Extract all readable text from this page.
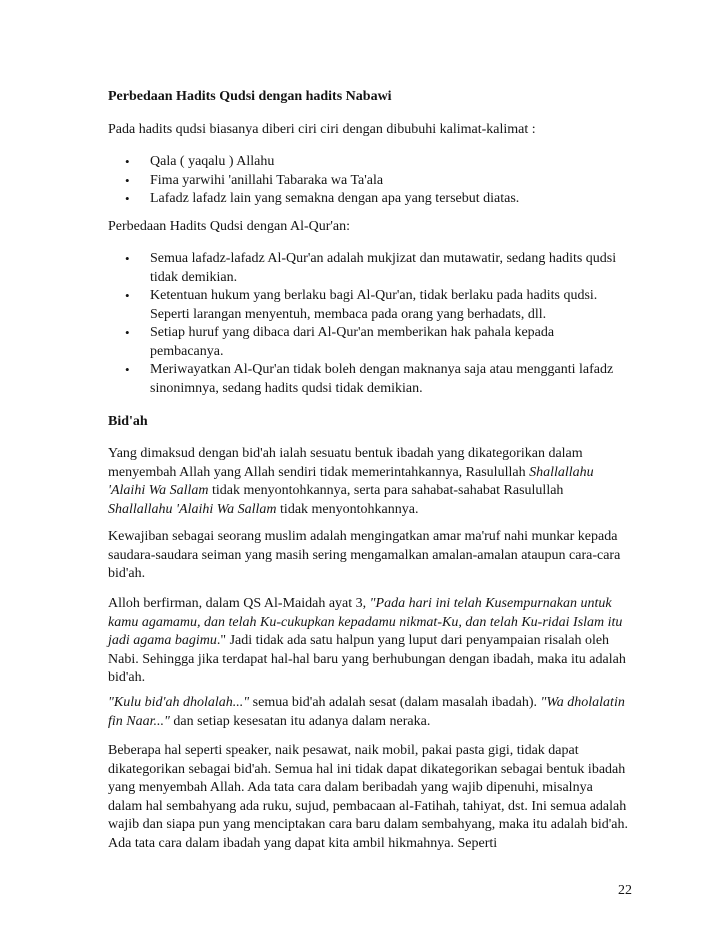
Perbedaan Hadits Qudsi dengan hadits Nabawi

Pada hadits qudsi biasanya diberi ciri ciri dengan dibubuhi kalimat-kalimat :

• Qala ( yaqalu ) Allahu
• Fima yarwihi 'anillahi Tabaraka wa Ta'ala
• Lafadz lafadz lain yang semakna dengan apa yang tersebut diatas.

Perbedaan Hadits Qudsi dengan Al-Qur'an:

• Semua lafadz-lafadz Al-Qur'an adalah mukjizat dan mutawatir, sedang hadits qudsi tidak demikian.
• Ketentuan hukum yang berlaku bagi Al-Qur'an, tidak berlaku pada hadits qudsi. Seperti larangan menyentuh, membaca pada orang yang berhadats, dll.
• Setiap huruf yang dibaca dari Al-Qur'an memberikan hak pahala kepada pembacanya.
• Meriwayatkan Al-Qur'an tidak boleh dengan maknanya saja atau mengganti lafadz sinonimnya, sedang hadits qudsi tidak demikian.

Bid'ah

Yang dimaksud dengan bid'ah ialah sesuatu bentuk ibadah yang dikategorikan dalam menyembah Allah yang Allah sendiri tidak memerintahkannya, Rasulullah Shallallahu 'Alaihi Wa Sallam tidak menyontohkannya, serta para sahabat-sahabat Rasulullah Shallallahu 'Alaihi Wa Sallam tidak menyontohkannya.

Kewajiban sebagai seorang muslim adalah mengingatkan amar ma'ruf nahi munkar kepada saudara-saudara seiman yang masih sering mengamalkan amalan-amalan ataupun cara-cara bid'ah.

Alloh berfirman, dalam QS Al-Maidah ayat 3, "Pada hari ini telah Kusempurnakan untuk kamu agamamu, dan telah Ku-cukupkan kepadamu nikmat-Ku, dan telah Ku-ridai Islam itu jadi agama bagimu." Jadi tidak ada satu halpun yang luput dari penyampaian risalah oleh Nabi. Sehingga jika terdapat hal-hal baru yang berhubungan dengan ibadah, maka itu adalah bid'ah.

"Kulu bid'ah dholalah..." semua bid'ah adalah sesat (dalam masalah ibadah). "Wa dholalatin fin Naar..." dan setiap kesesatan itu adanya dalam neraka.

Beberapa hal seperti speaker, naik pesawat, naik mobil, pakai pasta gigi, tidak dapat dikategorikan sebagai bid'ah. Semua hal ini tidak dapat dikategorikan sebagai bentuk ibadah yang menyembah Allah. Ada tata cara dalam beribadah yang wajib dipenuhi, misalnya dalam hal sembahyang ada ruku, sujud, pembacaan al-Fatihah, tahiyat, dst. Ini semua adalah wajib dan siapa pun yang menciptakan cara baru dalam sembahyang, maka itu adalah bid'ah. Ada tata cara dalam ibadah yang dapat kita ambil hikmahnya. Seperti

22
